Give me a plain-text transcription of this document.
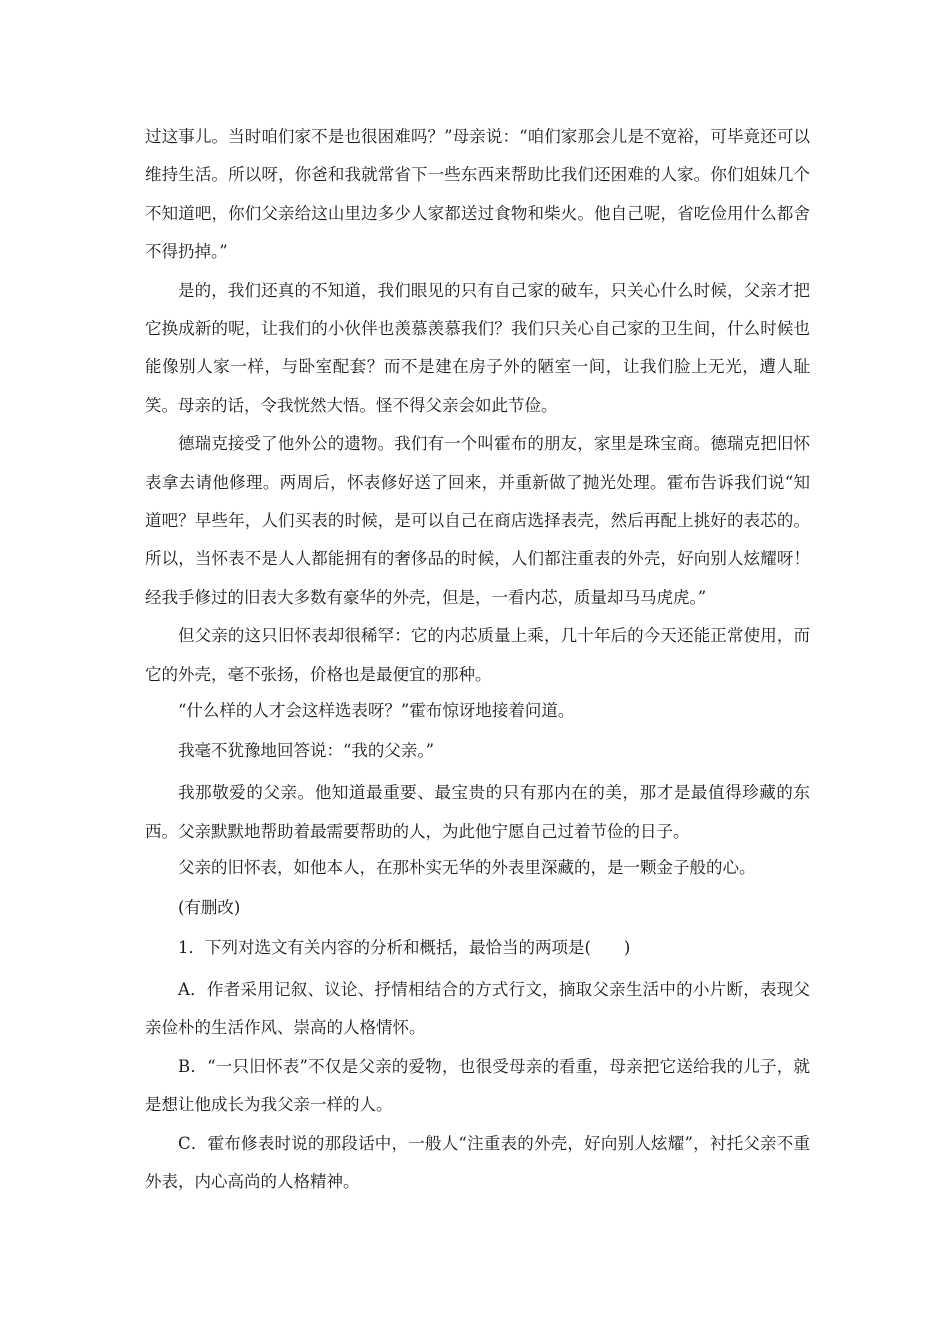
过这事儿。当时咱们家不是也很困难吗？”母亲说：“咱们家那会儿是不宽裕，可毕竟还可以维持生活。所以呀，你爸和我就常省下一些东西来帮助比我们还困难的人家。你们姐妹几个不知道吧，你们父亲给这山里边多少人家都送过食物和柴火。他自己呢，省吃俭用什么都舍不得扔掉。”

是的，我们还真的不知道，我们眼见的只有自己家的破车，只关心什么时候，父亲才把它换成新的呢，让我们的小伙伴也羡慕羡慕我们？我们只关心自己家的卫生间，什么时候也能像别人家一样，与卧室配套？而不是建在房子外的陋室一间，让我们脸上无光，遭人耻笑。母亲的话，令我恍然大悟。怪不得父亲会如此节俭。

德瑞克接受了他外公的遗物。我们有一个叫霍布的朋友，家里是珠宝商。德瑞克把旧怀表拿去请他修理。两周后，怀表修好送了回来，并重新做了抛光处理。霍布告诉我们说“知道吧？早些年，人们买表的时候，是可以自己在商店选择表壳，然后再配上挑好的表芯的。所以，当怀表不是人人都能拥有的奢侈品的时候，人们都注重表的外壳，好向别人炫耀呀！经我手修过的旧表大多数有豪华的外壳，但是，一看内芯，质量却马马虎虎。”

但父亲的这只旧怀表却很稀罕：它的内芯质量上乘，几十年后的今天还能正常使用，而它的外壳，毫不张扬，价格也是最便宜的那种。

“什么样的人才会这样选表呀？”霍布惊讶地接着问道。

我毫不犹豫地回答说：“我的父亲。”

我那敬爱的父亲。他知道最重要、最宝贵的只有那内在的美，那才是最值得珍藏的东西。父亲默默地帮助着最需要帮助的人，为此他宁愿自己过着节俭的日子。

父亲的旧怀表，如他本人，在那朴实无华的外表里深藏的，是一颗金子般的心。

(有删改)

1．下列对选文有关内容的分析和概括，最恰当的两项是(　　)

A．作者采用记叙、议论、抒情相结合的方式行文，摘取父亲生活中的小片断，表现父亲俭朴的生活作风、崇高的人格情怀。

B．“一只旧怀表”不仅是父亲的爱物，也很受母亲的看重，母亲把它送给我的儿子，就是想让他成长为我父亲一样的人。

C．霍布修表时说的那段话中，一般人“注重表的外壳，好向别人炫耀”，衬托父亲不重外表，内心高尚的人格精神。
